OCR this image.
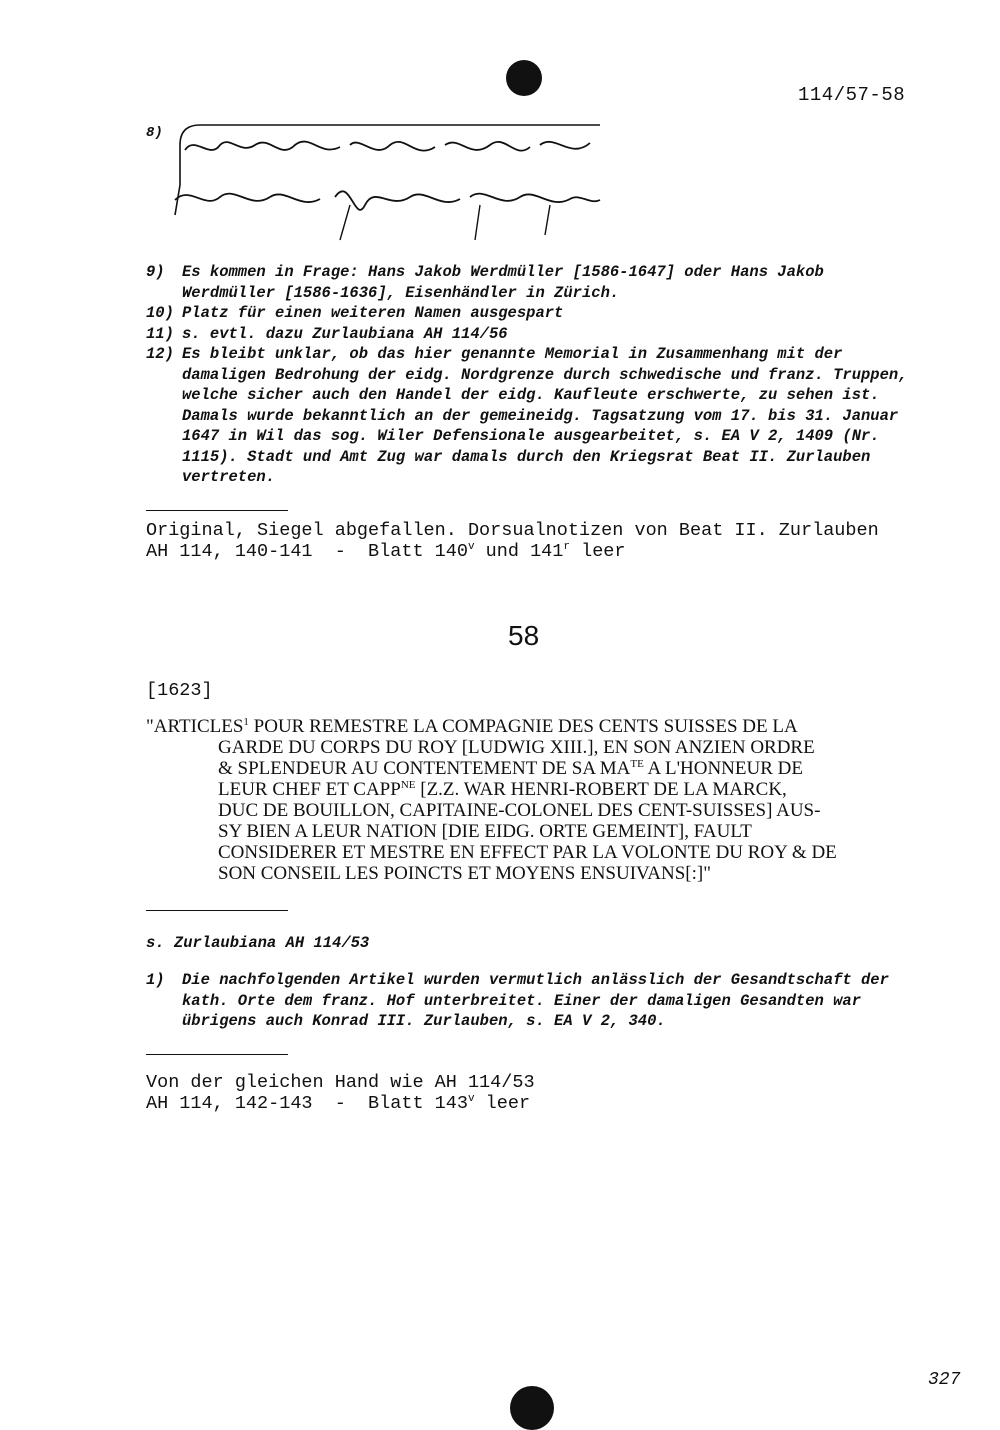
114/57-58
8)
9)	Es kommen in Frage: Hans Jakob Werdmüller [1586-1647] oder Hans Jakob Werdmüller [1586-1636], Eisenhändler in Zürich.
10) Platz für einen weiteren Namen ausgespart
11) s. evtl. dazu Zurlaubiana AH 114/56
12) Es bleibt unklar, ob das hier genannte Memorial in Zusammenhang mit der damaligen Bedrohung der eidg. Nordgrenze durch schwedische und franz. Truppen, welche sicher auch den Handel der eidg. Kaufleute erschwerte, zu sehen ist. Damals wurde bekanntlich an der gemeineidg. Tagsatzung vom 17. bis 31. Januar 1647 in Wil das sog. Wiler Defensionale ausgearbeitet, s. EA V 2, 1409 (Nr. 1115). Stadt und Amt Zug war damals durch den Kriegsrat Beat II. Zurlauben vertreten.
Original, Siegel abgefallen. Dorsualnotizen von Beat II. Zurlauben
AH 114, 140-141  -  Blatt 140$^v$ und 141$^r$ leer
58
[1623]
"ARTICLES$^1$ POUR REMESTRE LA COMPAGNIE DES CENTS SUISSES DE LA
GARDE DU CORPS DU ROY [LUDWIG XIII.], EN SON ANZIEN ORDRE
& SPLENDEUR AU CONTENTEMENT DE SA $MA^{TE}$ A L'HONNEUR DE
LEUR CHEF ET $CAPP^{NE}$ [Z.Z. WAR HENRI-ROBERT DE LA MARCK,
DUC DE BOUILLON, CAPITAINE-COLONEL DES CENT-SUISSES] AUS-
SY BIEN A LEUR NATION [DIE EIDG. ORTE GEMEINT], FAULT
CONSIDERER ET MESTRE EN EFFECT PAR LA VOLONTE DU ROY & DE
SON CONSEIL LES POINCTS ET MOYENS ENSUIVANS[:]"
s. Zurlaubiana AH 114/53
1)	Die nachfolgenden Artikel wurden vermutlich anlässlich der Gesandtschaft der kath. Orte dem franz. Hof unterbreitet. Einer der damaligen Gesandten war übrigens auch Konrad III. Zurlauben, s. EA V 2, 340.
Von der gleichen Hand wie AH 114/53
AH 114, 142-143  -  Blatt 143$^v$ leer
327
